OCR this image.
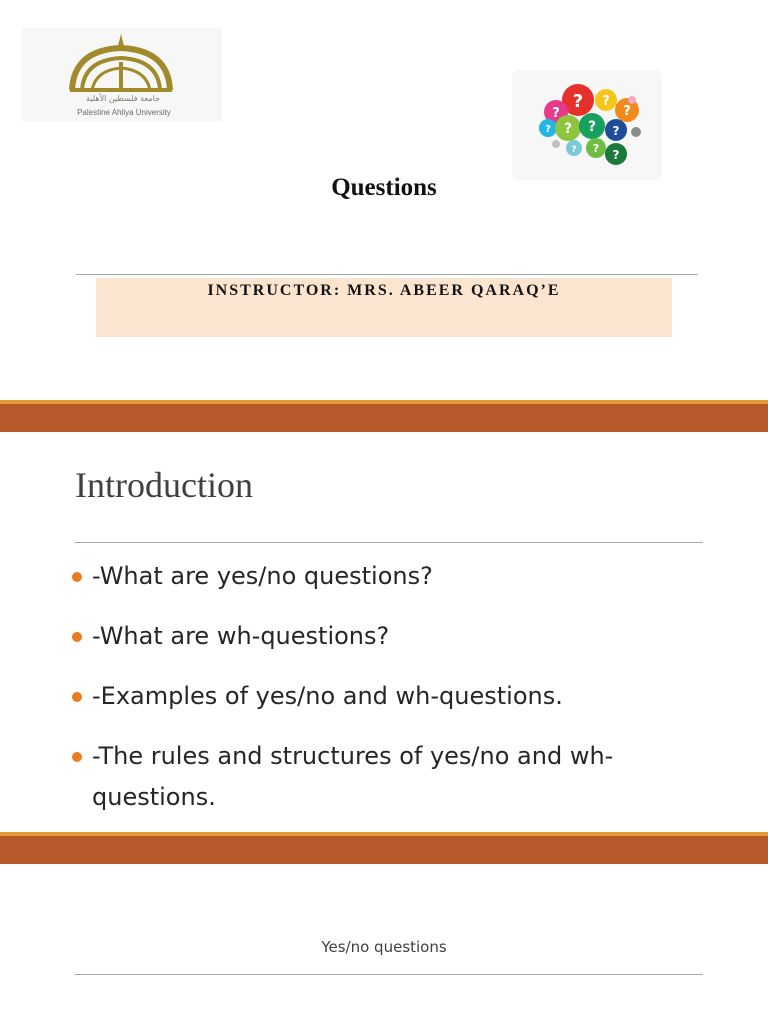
جامعة فلسطين الأهلية
Palestine Ahliya University
? ?
?
?
? ? ? ?
? ? ?
Questions
INSTRUCTOR: MRS. ABEER QARAQ’E
Introduction
-What are yes/no questions?
-What are wh-questions?
-Examples of yes/no and wh-questions.
-The rules and structures of yes/no and wh-questions.
Yes/no questions
